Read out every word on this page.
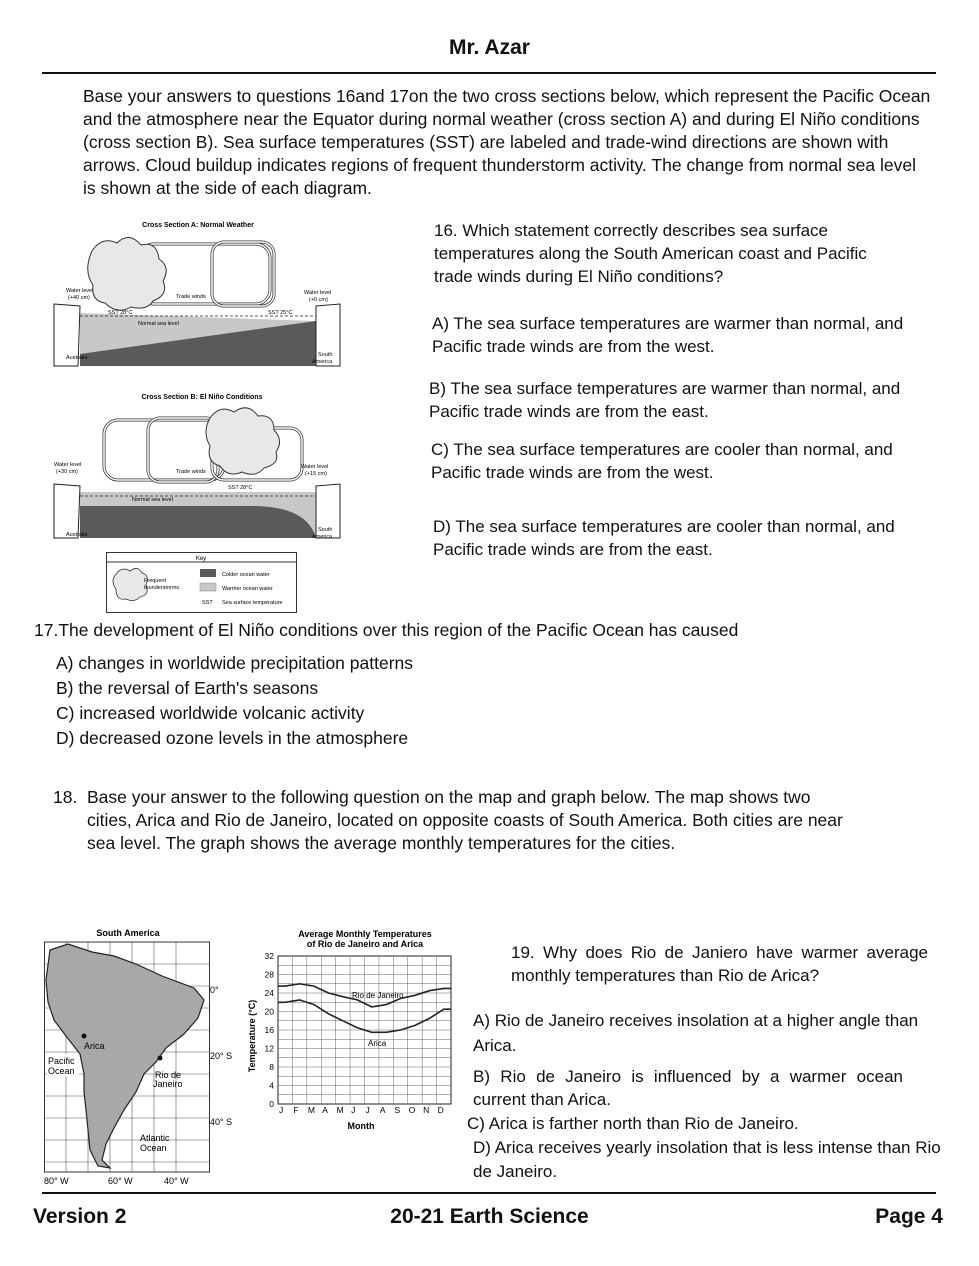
Mr. Azar
Base your answers to questions 16and 17on the two cross sections below, which represent the Pacific Ocean and the atmosphere near the Equator during normal weather (cross section A) and during El Niño conditions (cross section B). Sea surface temperatures (SST) are labeled and trade-wind directions are shown with arrows. Cloud buildup indicates regions of frequent thunderstorm activity. The change from normal sea level is shown at the side of each diagram.
Cross Section A: Normal Weather
Water level
(+40 cm)
Water level
(+0 cm)
Trade winds
SST 28°C	SST 25°C
Normal sea level
Australia	South
America
Cross Section B: El Niño Conditions
Water level
(+30 cm)
Water level
(+15 cm)
Trade winds
SST 28°C
Normal sea level
Australia
South
America
Key
Frequent
thunderstorms
Colder ocean water
Warmer ocean water
SST Sea surface temperature
16. Which statement correctly describes sea surface temperatures along the South American coast and Pacific trade winds during El Niño conditions?
A) The sea surface temperatures are warmer than normal, and Pacific trade winds are from the west.
B) The sea surface temperatures are warmer than normal, and Pacific trade winds are from the east.
C) The sea surface temperatures are cooler than normal, and Pacific trade winds are from the west.
D) The sea surface temperatures are cooler than normal, and Pacific trade winds are from the east.
17.The development of El Niño conditions over this region of the Pacific Ocean has caused
A) changes in worldwide precipitation patterns
B) the reversal of Earth's seasons
C) increased worldwide volcanic activity
D) decreased ozone levels in the atmosphere
18. Base your answer to the following question on the map and graph below. The map shows two cities, Arica and Rio de Janeiro, located on opposite coasts of South America. Both cities are near sea level. The graph shows the average monthly temperatures for the cities.
South America
Arica
Rio de
Janeiro
Pacific
Ocean
Atlantic
Ocean
0°
20° S
40° S
80° W	60° W	40° W
Average Monthly Temperatures
of Rio de Janeiro and Arica
0
4
8
12
16
20
24
28
32
J F M A M J J A S O N D
Month
Temperature (°C)
Rio de Janeiro
Arica
19. Why does Rio de Janiero have warmer average monthly temperatures than Rio de Arica?
A) Rio de Janeiro receives insolation at a higher angle than Arica.
B) Rio de Janeiro is influenced by a warmer ocean current than Arica.
C) Arica is farther north than Rio de Janeiro.
D) Arica receives yearly insolation that is less intense than Rio de Janeiro.
Version 2	20-21 Earth Science	Page 4
